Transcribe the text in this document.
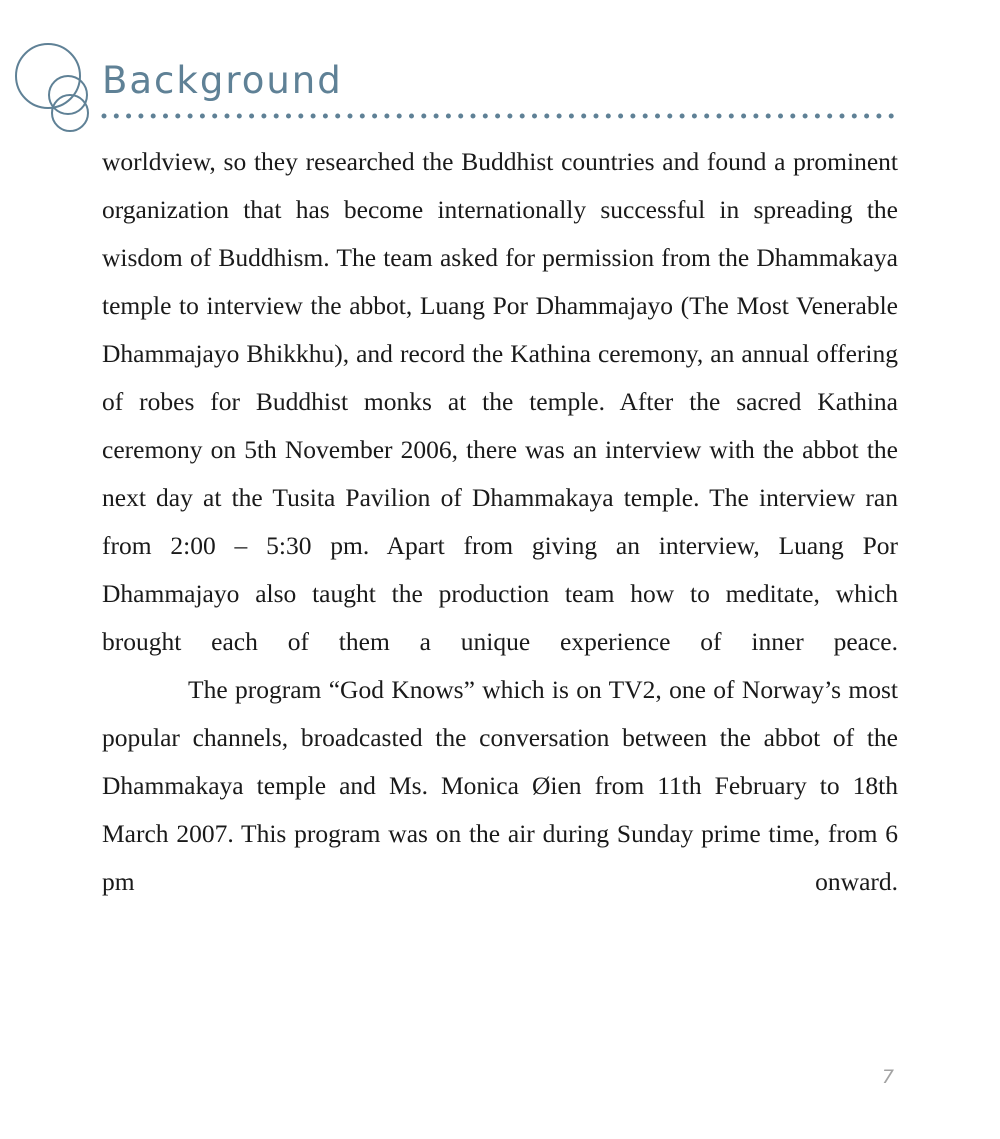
Background

worldview, so they researched the Buddhist countries and found a prominent organization that has become internationally successful in spreading the wisdom of Buddhism. The team asked for permission from the Dhammakaya temple to interview the abbot, Luang Por Dhammajayo (The Most Venerable Dhammajayo Bhikkhu), and record the Kathina ceremony, an annual offering of robes for Buddhist monks at the temple. After the sacred Kathina ceremony on 5th November 2006, there was an interview with the abbot the next day at the Tusita Pavilion of Dhammakaya temple. The interview ran from 2:00 – 5:30 pm. Apart from giving an interview, Luang Por Dhammajayo also taught the production team how to meditate, which brought each of them a unique experience of inner peace.

The program “God Knows” which is on TV2, one of Norway’s most popular channels, broadcasted the conversation between the abbot of the Dhammakaya temple and Ms. Monica Øien from 11th February to 18th March 2007. This program was on the air during Sunday prime time, from 6 pm onward.

7
